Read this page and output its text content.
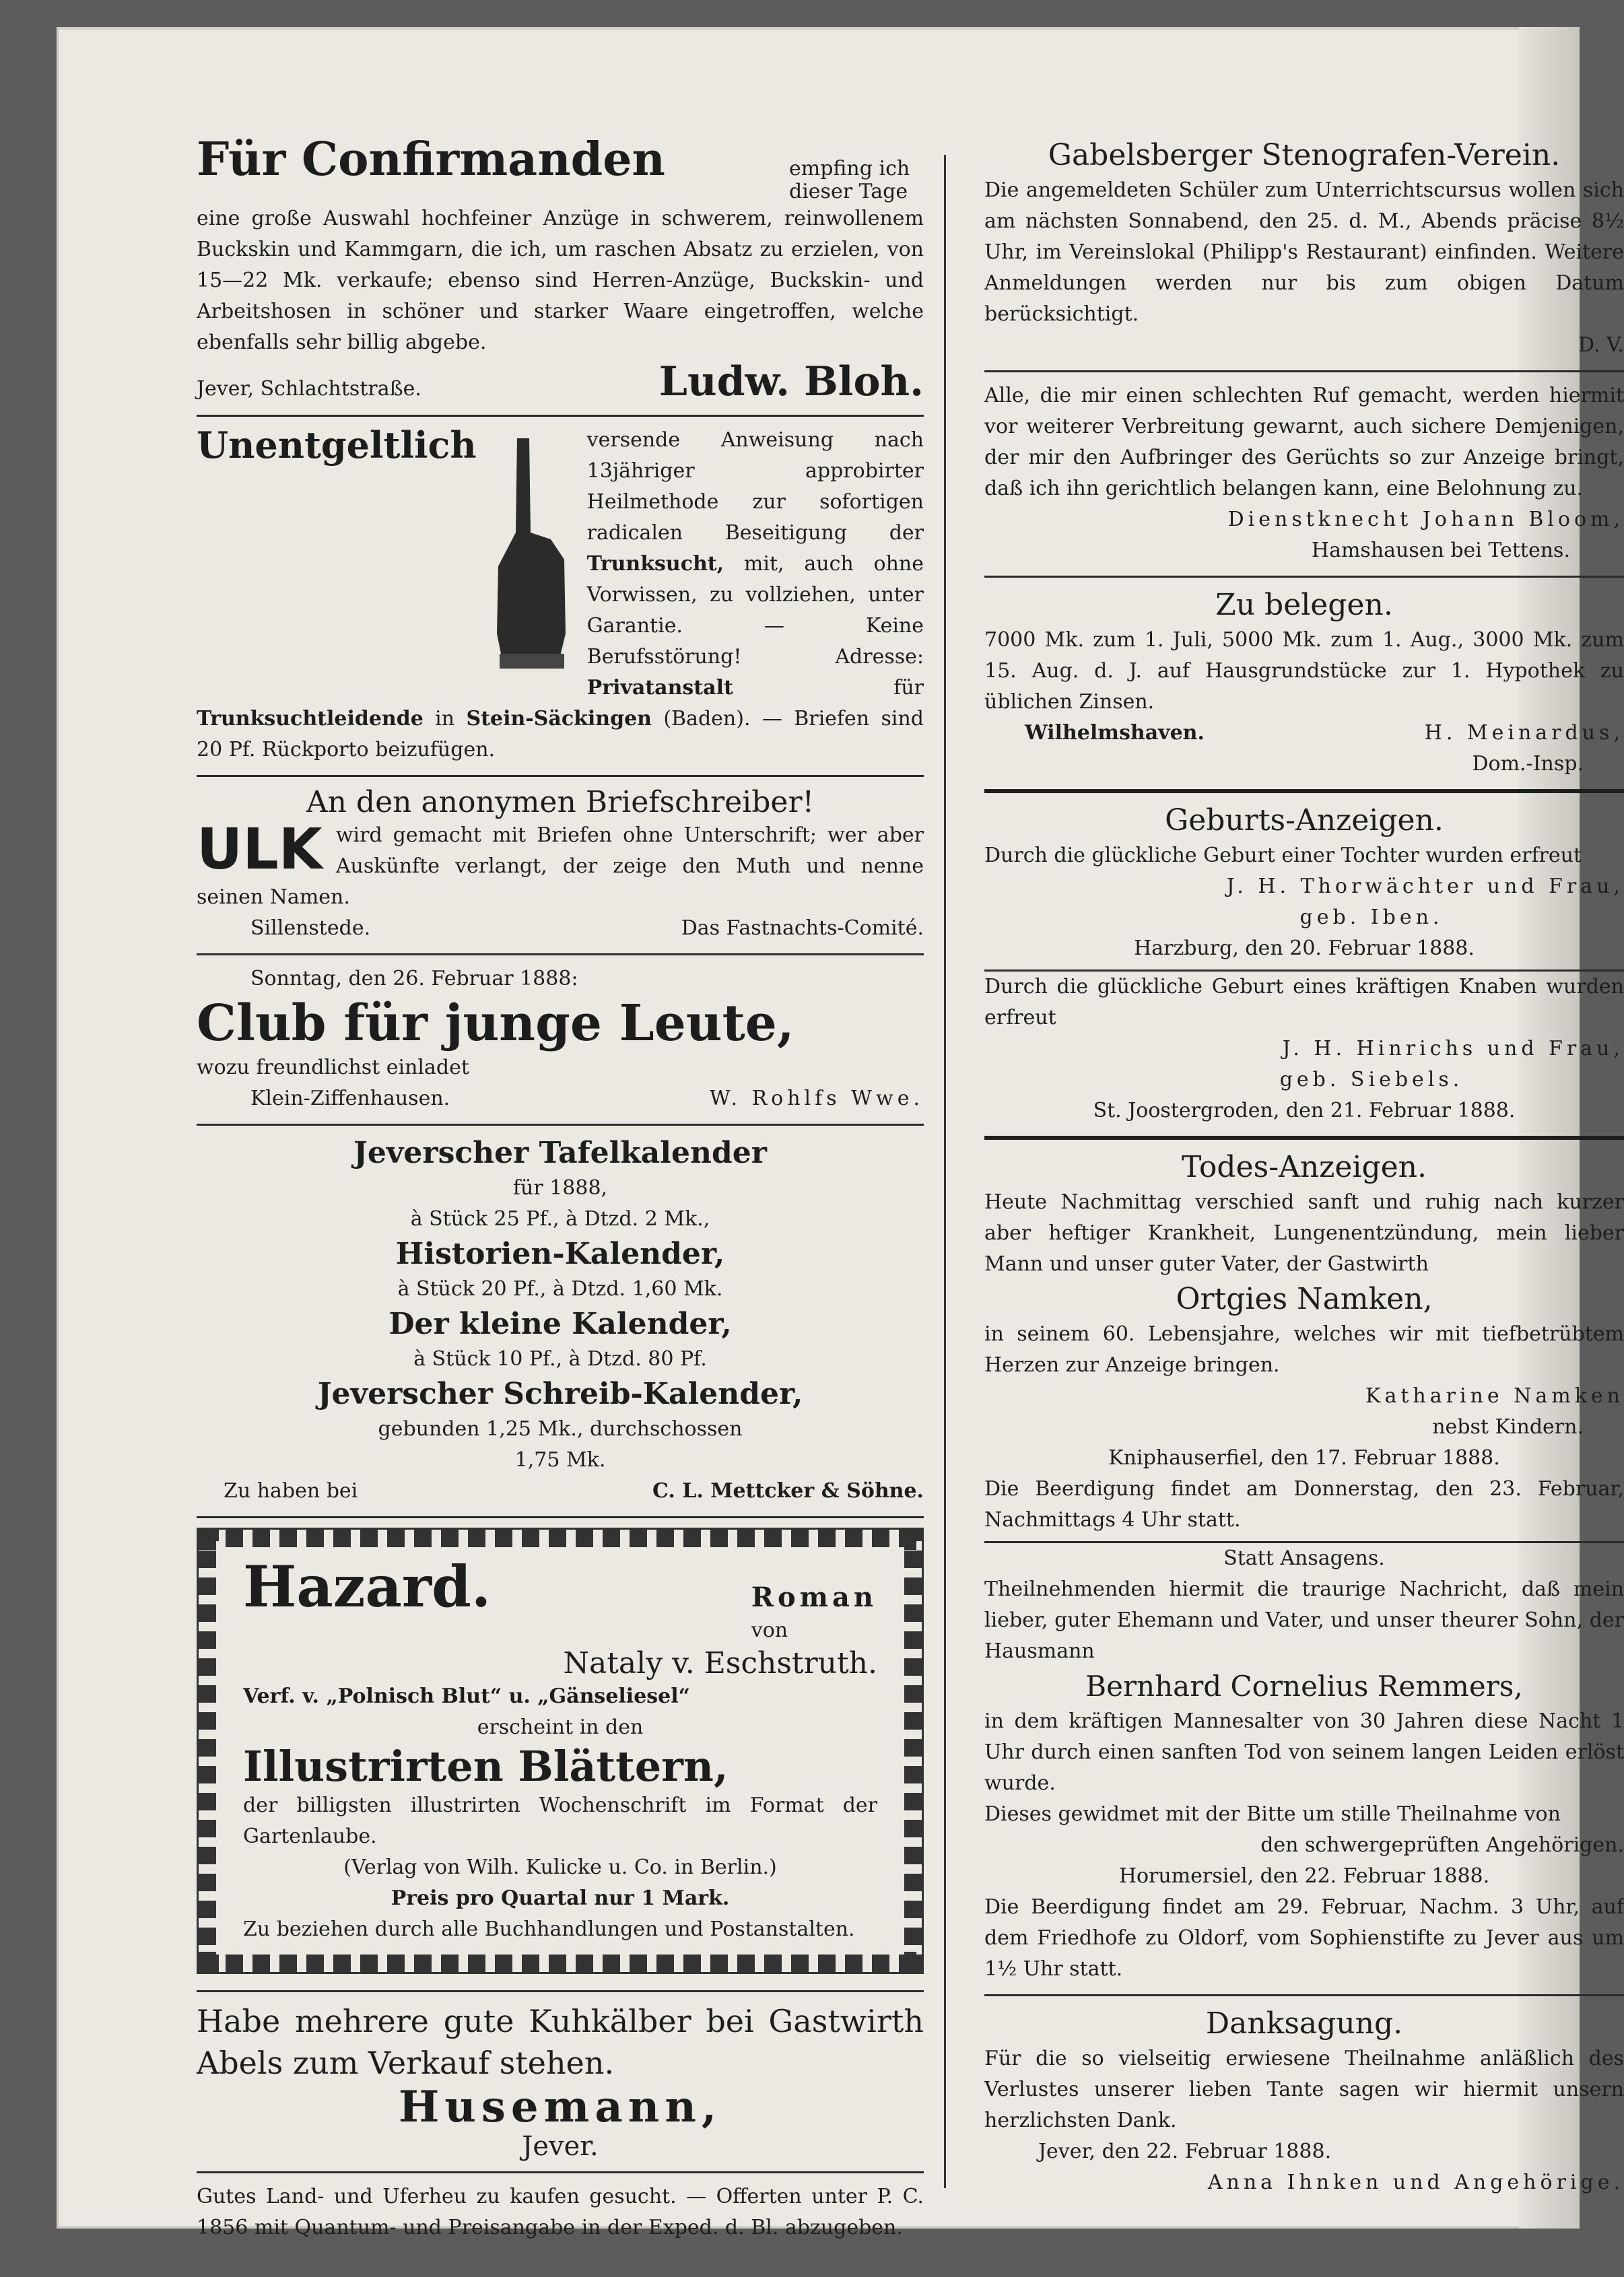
Für Confirmanden	empfing ich dieser Tage

eine große Auswahl hochfeiner Anzüge in schwerem, reinwollenem Buckskin und Kammgarn, die ich, um raschen Absatz zu erzielen, von 15—22 Mk. verkaufe; ebenso sind Herren-Anzüge, Buckskin- und Arbeitshosen in schöner und starker Waare eingetroffen, welche ebenfalls sehr billig abgebe.

Jever, Schlachtstraße.	Ludw. Bloh.

Unentgeltlich	versende Anweisung nach 13jähriger approbirter Heilmethode zur sofortigen radicalen Beseitigung der Trunksucht, mit, auch ohne Vorwissen, zu vollziehen, unter Garantie. — Keine Berufsstörung! Adresse: Privatanstalt	für Trunksuchtleidende in Stein-Säckingen (Baden). — Briefen sind 20 Pf. Rückporto beizufügen.

An den anonymen Briefschreiber!

ULK wird gemacht mit Briefen ohne Unterschrift; wer aber Auskünfte verlangt, der zeige den Muth und nenne seinen Namen.

Sillenstede.	Das Fastnachts-Comité.

Sonntag, den 26. Februar 1888:

Club für junge Leute,

wozu freundlichst einladet

Klein-Ziffenhausen.	W. Rohlfs Wwe.

Jeverscher Tafelkalender

für 1888,

à Stück 25 Pf., à Dtzd. 2 Mk.,

Historien-Kalender,

à Stück 20 Pf., à Dtzd. 1,60 Mk.

Der kleine Kalender,

à Stück 10 Pf., à Dtzd. 80 Pf.

Jeverscher Schreib-Kalender,

gebunden 1,25 Mk., durchschossen

1,75 Mk.

Zu haben bei	C. L. Mettcker & Söhne.

Hazard.	Roman

von

Nataly v. Eschstruth.

Verf. v. „Polnisch Blut“ u. „Gänseliesel“

erscheint in den

Illustrirten Blättern,

der billigsten illustrirten Wochenschrift im Format der Gartenlaube.

(Verlag von Wilh. Kulicke u. Co. in Berlin.)

Preis pro Quartal nur 1 Mark.

Zu beziehen durch alle Buchhandlungen und Postanstalten.

Habe mehrere gute Kuhkälber bei Gastwirth Abels zum Verkauf stehen.

Husemann,

Jever.

Gutes Land- und Uferheu zu kaufen gesucht. — Offerten unter P. C. 1856 mit Quantum- und Preisangabe in der Exped. d. Bl. abzugeben.

Gabelsberger Stenografen-Verein.

Die angemeldeten Schüler zum Unterrichtscursus wollen sich am nächsten Sonnabend, den 25. d. M., Abends präcise 8½ Uhr, im Vereinslokal (Philipp's Restaurant) einfinden. Weitere Anmeldungen werden nur bis zum obigen Datum berücksichtigt.

D. V.

Alle, die mir einen schlechten Ruf gemacht, werden hiermit vor weiterer Verbreitung gewarnt, auch sichere Demjenigen, der mir den Aufbringer des Gerüchts so zur Anzeige bringt, daß ich ihn gerichtlich belangen kann, eine Belohnung zu.

Dienstknecht Johann Bloom,

Hamshausen bei Tettens.

Zu belegen.

7000 Mk. zum 1. Juli, 5000 Mk. zum 1. Aug., 3000 Mk. zum 15. Aug. d. J. auf Hausgrundstücke zur 1. Hypothek zu üblichen Zinsen.

Wilhelmshaven.	H. Meinardus,

Dom.-Insp.

Geburts-Anzeigen.

Durch die glückliche Geburt einer Tochter wurden erfreut

J. H. Thorwächter und Frau,

geb. Iben.

Harzburg, den 20. Februar 1888.

Durch die glückliche Geburt eines kräftigen Knaben wurden erfreut

J. H. Hinrichs und Frau,

geb. Siebels.

St. Joostergroden, den 21. Februar 1888.

Todes-Anzeigen.

Heute Nachmittag verschied sanft und ruhig nach kurzer aber heftiger Krankheit, Lungenentzündung, mein lieber Mann und unser guter Vater, der Gastwirth

Ortgies Namken,

in seinem 60. Lebensjahre, welches wir mit tiefbetrübtem Herzen zur Anzeige bringen.

Katharine Namken

nebst Kindern.

Kniphauserfiel, den 17. Februar 1888.

Die Beerdigung findet am Donnerstag, den 23. Februar, Nachmittags 4 Uhr statt.

Statt Ansagens.

Theilnehmenden hiermit die traurige Nachricht, daß mein lieber, guter Ehemann und Vater, und unser theurer Sohn, der Hausmann

Bernhard Cornelius Remmers,

in dem kräftigen Mannesalter von 30 Jahren diese Nacht 1 Uhr durch einen sanften Tod von seinem langen Leiden erlöst wurde.

Dieses gewidmet mit der Bitte um stille Theilnahme von

den schwergeprüften Angehörigen.

Horumersiel, den 22. Februar 1888.

Die Beerdigung findet am 29. Februar, Nachm. 3 Uhr, auf dem Friedhofe zu Oldorf, vom Sophienstifte zu Jever aus um 1½ Uhr statt.

Danksagung.

Für die so vielseitig erwiesene Theilnahme anläßlich des Verlustes unserer lieben Tante sagen wir hiermit unsern herzlichsten Dank.

Jever, den 22. Februar 1888.

Anna Ihnken und Angehörige.
